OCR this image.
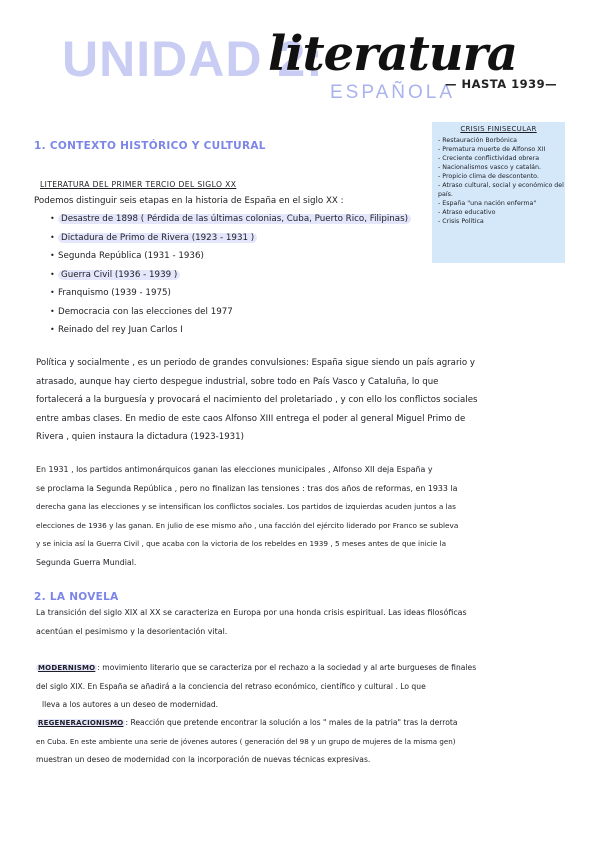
UNIDAD 2:
literatura
ESPAÑOLA
— HASTA 1939—
CRISIS FINISECULAR
- Restauración Borbónica
- Prematura muerte de Alfonso XII
- Creciente conflictividad obrera
- Nacionalismos vasco y catalán.
- Propicio clima de descontento.
- Atraso cultural, social y económico del país.
- España "una nación enferma"
- Atraso educativo
- Crisis Política
1. CONTEXTO HISTÓRICO Y CULTURAL
LITERATURA DEL PRIMER TERCIO DEL SIGLO XX
Podemos distinguir seis etapas en la historia de España en el siglo XX :
• Desastre de 1898 ( Pérdida de las últimas colonias, Cuba, Puerto Rico, Filipinas)
• Dictadura de Primo de Rivera (1923 - 1931 )
• Segunda República (1931 - 1936)
• Guerra Civil (1936 - 1939 )
• Franquismo (1939 - 1975)
• Democracia con las elecciones del 1977
• Reinado del rey Juan Carlos I

Política y socialmente , es un periodo de grandes convulsiones: España sigue siendo un país agrario y

atrasado, aunque hay cierto despegue industrial, sobre todo en País Vasco y Cataluña, lo que

fortalecerá a la burguesía y provocará el nacimiento del proletariado , y con ello los conflictos sociales

entre ambas clases. En medio de este caos Alfonso XIII entrega el poder al general Miguel Primo de

Rivera , quien instaura la dictadura (1923-1931)

En 1931 , los partidos antimonárquicos ganan las elecciones municipales , Alfonso XII deja España y

se proclama la Segunda República , pero no finalizan las tensiones : tras dos años de reformas, en 1933 la

derecha gana las elecciones y se intensifican los conflictos sociales. Los partidos de izquierdas acuden juntos a las

elecciones de 1936 y las ganan. En julio de ese mismo año , una facción del ejército liderado por Franco se subleva

y se inicia así la Guerra Civil , que acaba con la victoria de los rebeldes en 1939 , 5 meses antes de que inicie la

Segunda Guerra Mundial.

2. LA NOVELA

La transición del siglo XIX al XX se caracteriza en Europa por una honda crisis espiritual. Las ideas filosóficas

acentúan el pesimismo y la desorientación vital.

MODERNISMO : movimiento literario que se caracteriza por el rechazo a la sociedad y al arte burgueses de finales

del siglo XIX. En España se añadirá a la conciencia del retraso económico, científico y cultural . Lo que

lleva a los autores a un deseo de modernidad.

REGENERACIONISMO : Reacción que pretende encontrar la solución a los " males de la patria" tras la derrota

en Cuba. En este ambiente una serie de jóvenes autores ( generación del 98 y un grupo de mujeres de la misma gen)

muestran un deseo de modernidad con la incorporación de nuevas técnicas expresivas.
